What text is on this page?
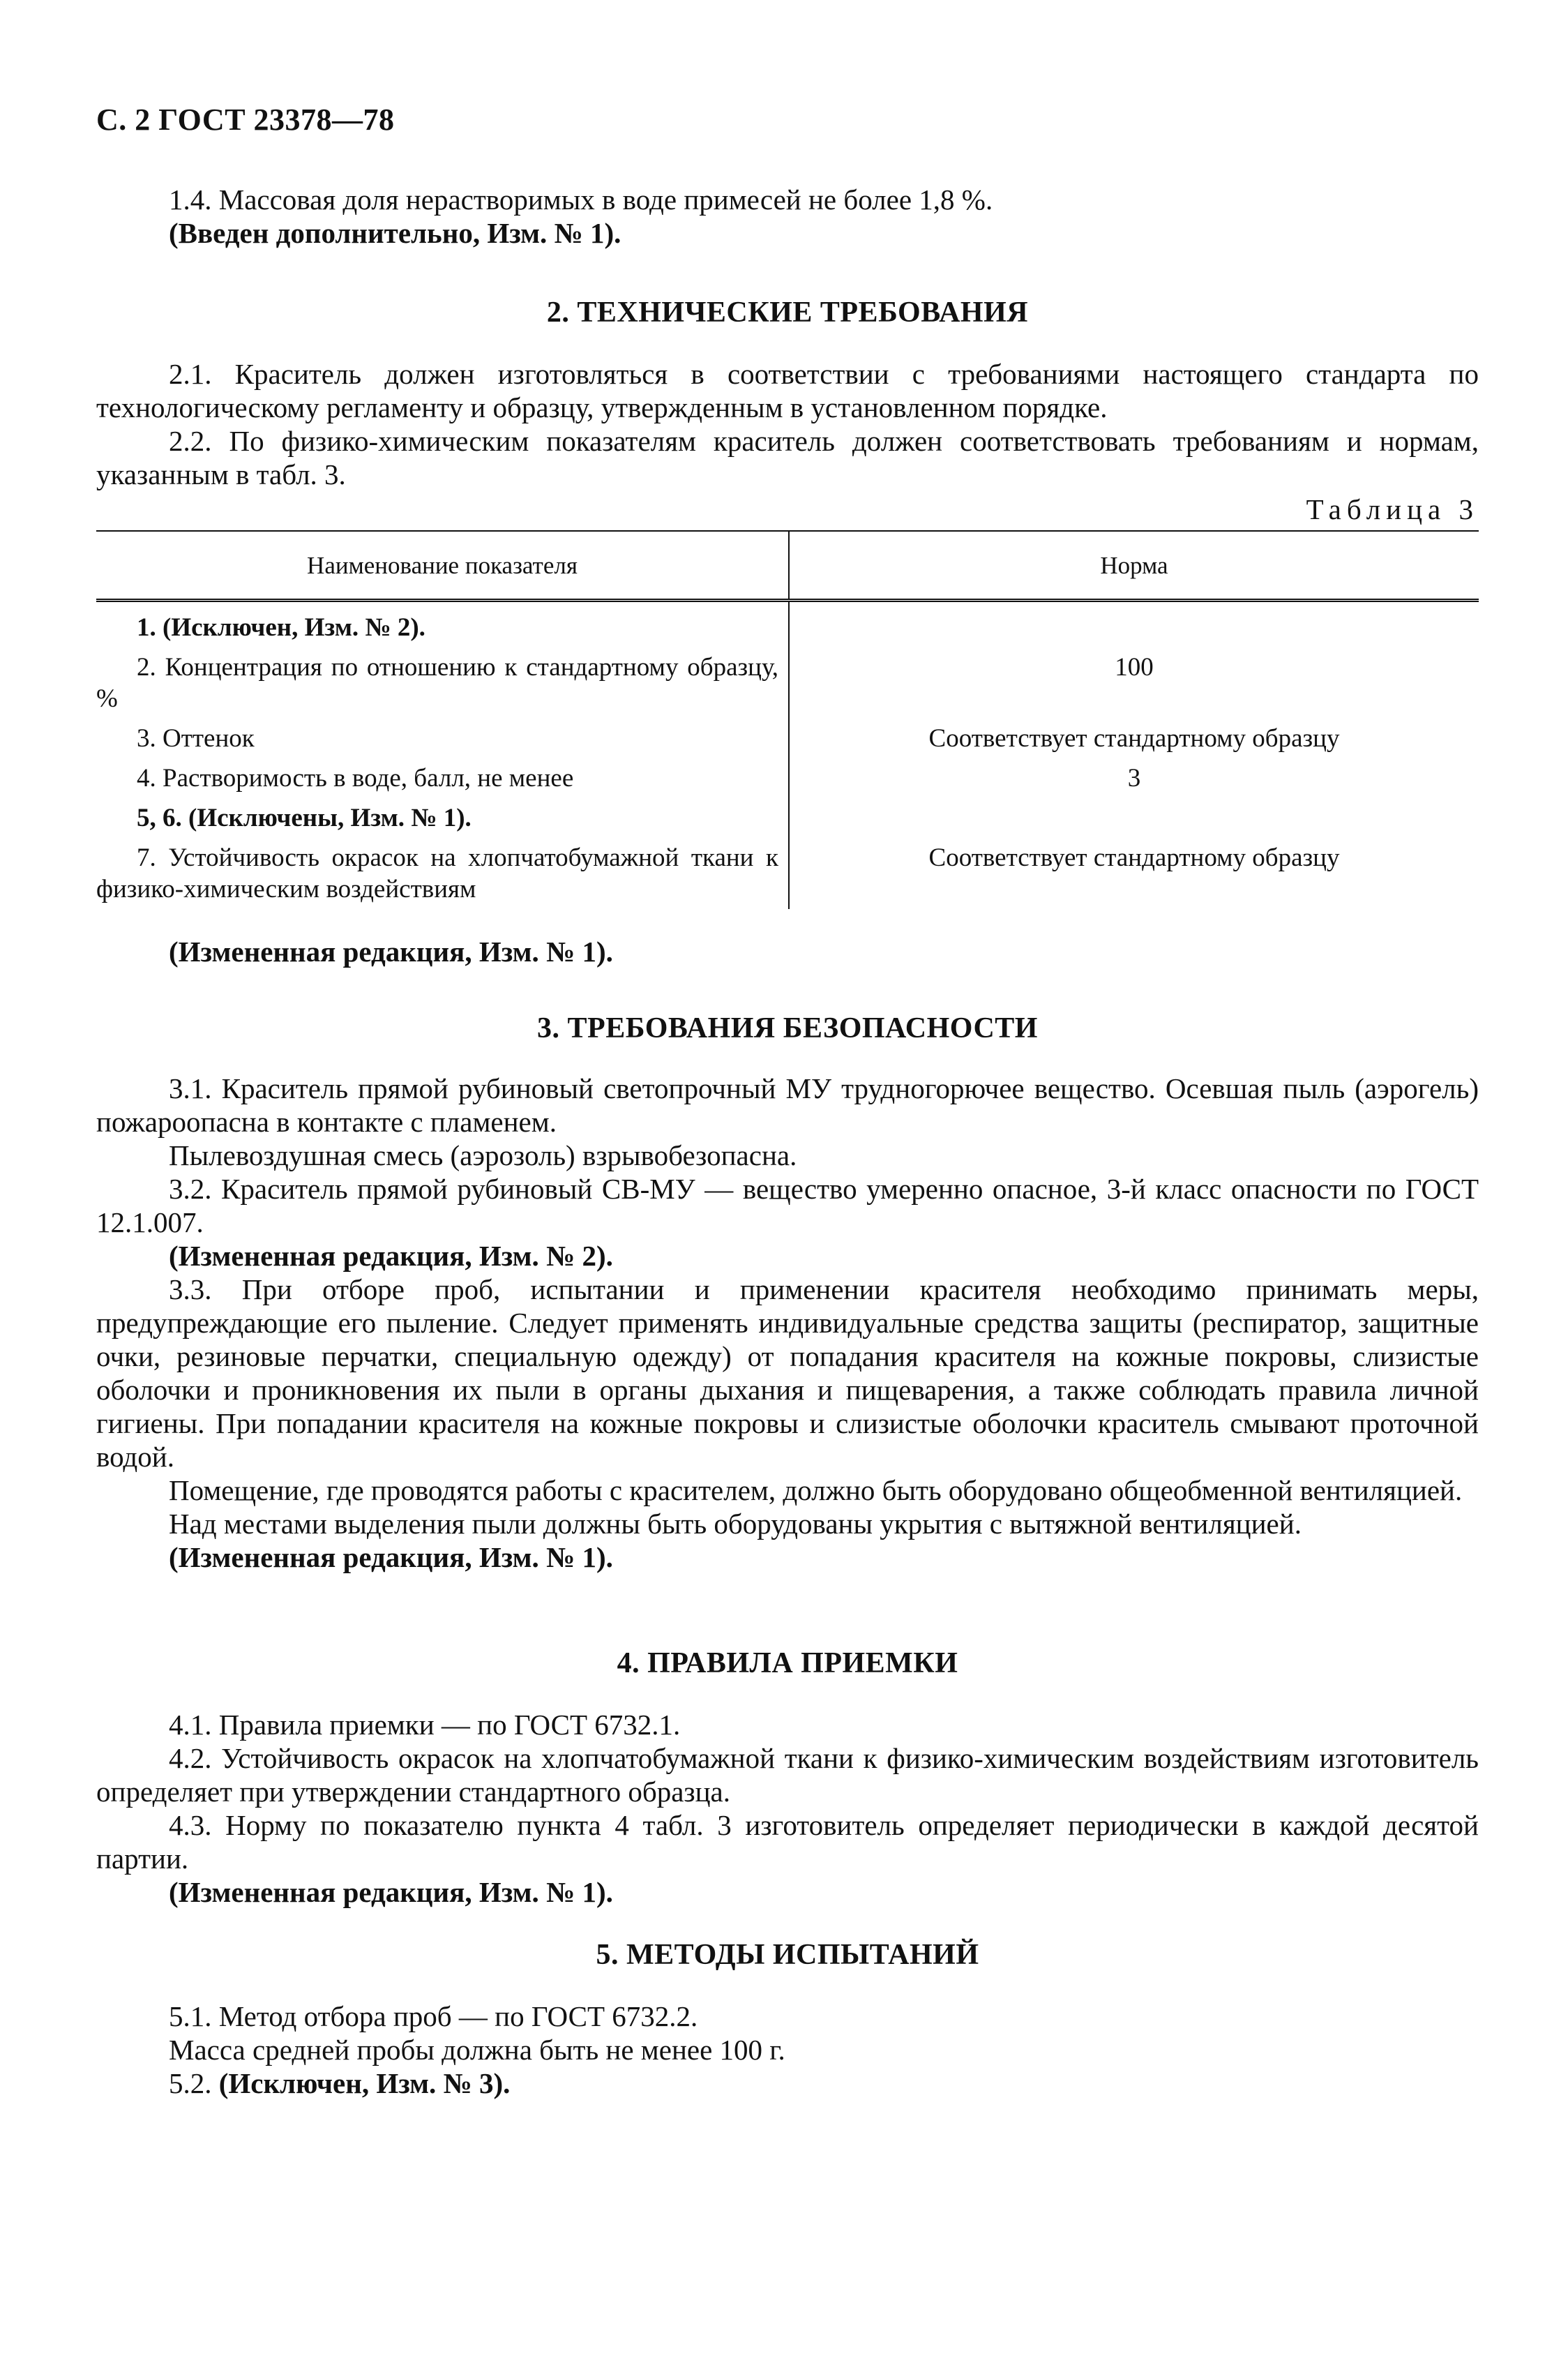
С. 2 ГОСТ 23378—78

1.4. Массовая доля нерастворимых в воде примесей не более 1,8 %.

(Введен дополнительно, Изм. № 1).

2. ТЕХНИЧЕСКИЕ ТРЕБОВАНИЯ

2.1. Краситель должен изготовляться в соответствии с требованиями настоящего стандарта по технологическому регламенту и образцу, утвержденным в установленном порядке.

2.2. По физико-химическим показателям краситель должен соответствовать требованиям и нормам, указанным в табл. 3.

Таблица 3
Наименование показателя	Норма
1. (Исключен, Изм. № 2).	
2. Концентрация по отношению к стандартному образцу, %	100
3. Оттенок	Соответствует стандартному образцу
4. Растворимость в воде, балл, не менее	3
5, 6. (Исключены, Изм. № 1).	
7. Устойчивость окрасок на хлопчатобумажной ткани к физико-химическим воздействиям	Соответствует стандартному образцу

(Измененная редакция, Изм. № 1).

3. ТРЕБОВАНИЯ БЕЗОПАСНОСТИ

3.1. Краситель прямой рубиновый светопрочный МУ трудногорючее вещество. Осевшая пыль (аэрогель) пожароопасна в контакте с пламенем.

Пылевоздушная смесь (аэрозоль) взрывобезопасна.

3.2. Краситель прямой рубиновый СВ-МУ — вещество умеренно опасное, 3-й класс опасности по ГОСТ 12.1.007.

(Измененная редакция, Изм. № 2).

3.3. При отборе проб, испытании и применении красителя необходимо принимать меры, предупреждающие его пыление. Следует применять индивидуальные средства защиты (респиратор, защитные очки, резиновые перчатки, специальную одежду) от попадания красителя на кожные покровы, слизистые оболочки и проникновения их пыли в органы дыхания и пищеварения, а также соблюдать правила личной гигиены. При попадании красителя на кожные покровы и слизистые оболочки краситель смывают проточной водой.

Помещение, где проводятся работы с красителем, должно быть оборудовано общеобменной вентиляцией.

Над местами выделения пыли должны быть оборудованы укрытия с вытяжной вентиляцией.

(Измененная редакция, Изм. № 1).

4. ПРАВИЛА ПРИЕМКИ

4.1. Правила приемки — по ГОСТ 6732.1.

4.2. Устойчивость окрасок на хлопчатобумажной ткани к физико-химическим воздействиям изготовитель определяет при утверждении стандартного образца.

4.3. Норму по показателю пункта 4 табл. 3 изготовитель определяет периодически в каждой десятой партии.

(Измененная редакция, Изм. № 1).

5. МЕТОДЫ ИСПЫТАНИЙ

5.1. Метод отбора проб — по ГОСТ 6732.2.

Масса средней пробы должна быть не менее 100 г.

5.2. (Исключен, Изм. № 3).
